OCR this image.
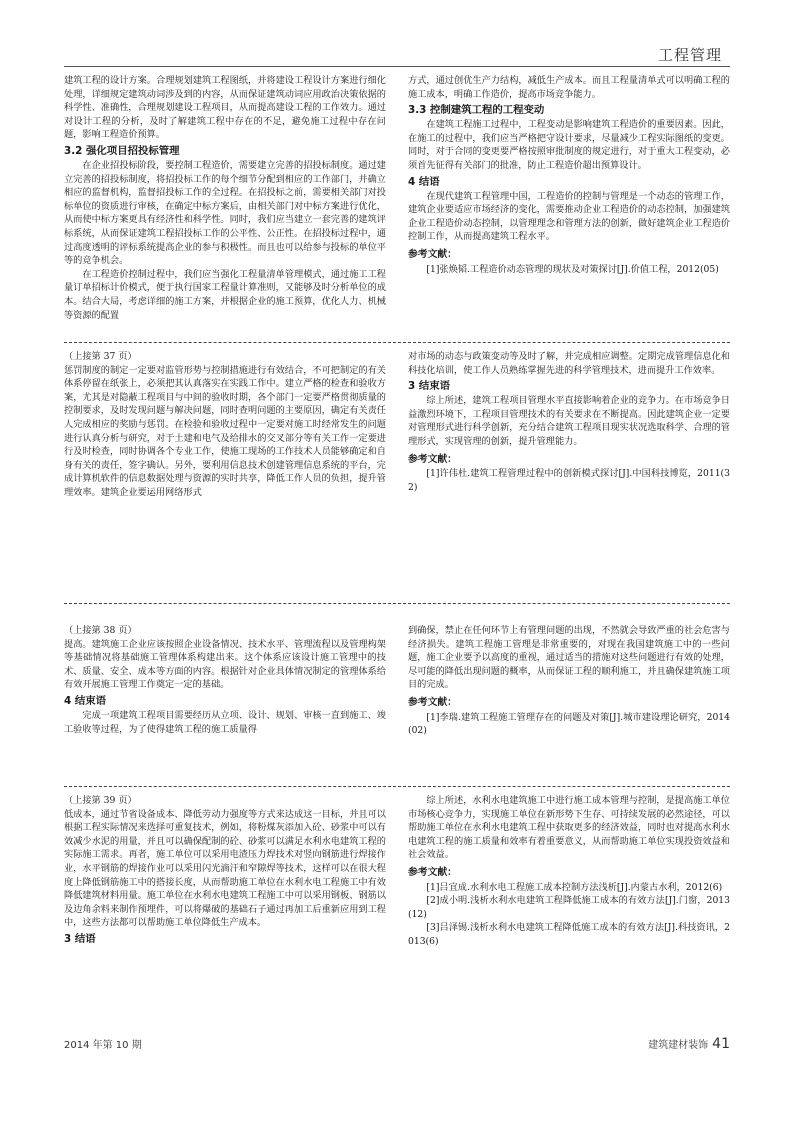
工程管理

建筑工程的设计方案。合理规划建筑工程图纸，并将建设工程设计方案进行细化处理，详细规定建筑动词涉及到的内容，从而保证建筑动词应用政治决策依据的科学性、准确性，合理规划建设工程项目，从而提高建设工程的工作效力。通过对设计工程的分析，及时了解建筑工程中存在的不足，避免施工过程中存在问题，影响工程造价预算。

3.2 强化项目招投标管理

在企业招投标阶段，要控制工程造价，需要建立完善的招投标制度。通过建立完善的招投标制度，将招投标工作的每个细节分配到相应的工作部门，并确立相应的监督机构，监督招投标工作的全过程。在招投标之前，需要相关部门对投标单位的资质进行审核，在确定中标方案后，由相关部门对中标方案进行优化，从而使中标方案更具有经济性和科学性。同时，我们应当建立一套完善的建筑评标系统，从而保证建筑工程招投标工作的公平性、公正性。在招投标过程中，通过高度透明的评标系统提高企业的参与积极性。而且也可以给参与投标的单位平等的竞争机会。

在工程造价控制过程中，我们应当强化工程量清单管理模式，通过施工工程量订单招标计价模式，便于执行国家工程量计算准则，又能够及时分析单位的成本。结合大局，考虑详细的施工方案，并根据企业的施工预算，优化人力、机械等资源的配置

方式，通过创优生产力结构，减低生产成本。而且工程量清单式可以明确工程的施工成本，明确工作造价，提高市场竞争能力。

3.3 控制建筑工程的工程变动

在建筑工程施工过程中，工程变动是影响建筑工程造价的重要因素。因此，在施工的过程中，我们应当严格把守设计要求，尽量减少工程实际图纸的变更。同时，对于合同的变更要严格按照审批制度的规定进行，对于重大工程变动，必须首先征得有关部门的批准，防止工程造价超出预算设计。

4 结语

在现代建筑工程管理中国，工程造价的控制与管理是一个动态的管理工作，建筑企业要适应市场经济的变化，需要推动企业工程造价的动态控制，加强建筑企业工程造价动态控制，以管理理念和管理方法的创新，做好建筑企业工程造价控制工作，从而提高建筑工程水平。

参考文献：

[1]张焕韬.工程造价动态管理的现状及对策探讨[J].价值工程，2012(05)

（上接第 37 页）

惩罚制度的制定一定要对监管形势与控制措施进行有效结合，不可把制定的有关体系停留在纸张上，必须把其认真落实在实践工作中。建立严格的检查和验收方案，尤其是对隐蔽工程项目与中间的验收时期，各个部门一定要严格贯彻质量的控制要求，及时发现问题与解决问题，同时查明问题的主要原因，确定有关责任人完成相应的奖励与惩罚。在检验和验收过程中一定要对施工时经常发生的问题进行认真分析与研究，对于土建和电气及给排水的交叉部分等有关工作一定要进行及时检查，同时协调各个专业工作，使施工现场的工作技术人员能够确定和自身有关的责任，签字确认。另外，要利用信息技术创建管理信息系统的平台，完成计算机软件的信息数据处理与资源的实时共享，降低工作人员的负担，提升管理效率。建筑企业要运用网络形式

对市场的动态与政策变动等及时了解，并完成相应调整。定期完成管理信息化和科技化培训，使工作人员熟练掌握先进的科学管理技术，进而提升工作效率。

3 结束语

综上所述，建筑工程项目管理水平直接影响着企业的竞争力。在市场竞争日益激烈环境下，工程项目管理技术的有关要求在不断提高。因此建筑企业一定要对管理形式进行科学创新，充分结合建筑工程项目现实状况选取科学、合理的管理形式，实现管理的创新，提升管理能力。

参考文献：

[1]许伟杜.建筑工程管理过程中的创新模式探讨[J].中国科技博览，2011(32)

（上接第 38 页）

提高。建筑施工企业应该按照企业设备情况、技术水平、管理流程以及管理构架等基础情况将基础施工管理体系构建出来。这个体系应该设计施工管理中的技术、质量、安全、成本等方面的内容。根据针对企业具体情况制定的管理体系给有效开展施工管理工作奠定一定的基础。

4 结束语

完成一项建筑工程项目需要经历从立项、设计、规划、审核一直到施工、竣工验收等过程，为了使得建筑工程的施工质量得

到确保，禁止在任何环节上有管理问题的出现，不然就会导致严重的社会危害与经济损失。建筑工程施工管理是非常重要的，对现在我国建筑施工中的一些问题，施工企业要予以高度的重视，通过适当的措施对这些问题进行有效的处理，尽可能的降低出现问题的概率，从而保证工程的顺利施工，并且确保建筑施工项目的完成。

参考文献：

[1]李瑞.建筑工程施工管理存在的问题及对策[J].城市建设理论研究，2014(02)

（上接第 39 页）

低成本，通过节省设备成本、降低劳动力强度等方式来达成这一目标，并且可以根据工程实际情况来选择可重复技术，例如，将粉煤灰添加入砼、砂浆中可以有效减少水泥的用量，并且可以确保配制的砼、砂浆可以满足水利水电建筑工程的实际施工需求。再者，施工单位可以采用电渣压力焊技术对竖向钢筋进行焊接作业，水平钢筋的焊接作业可以采用闪光滴汗和窄隙焊等技术，这样可以在很大程度上降低钢筋施工中的搭接长度，从而帮助施工单位在水利水电工程施工中有效降低建筑材料用量。施工单位在水利水电建筑工程施工中可以采用钢板、钢筋以及边角余料来制作预埋件，可以将爆破的基础石子通过再加工后重新应用到工程中，这些方法都可以帮助施工单位降低生产成本。

3 结语

综上所述，水利水电建筑施工中进行施工成本管理与控制，是提高施工单位市场核心竞争力，实现施工单位在新形势下生存、可持续发展的必然途径，可以帮助施工单位在水利水电建筑工程中获取更多的经济效益，同时也对提高水利水电建筑工程的施工质量和效率有着重要意义，从而帮助施工单位实现投资效益和社会效益。

参考文献：

[1]吕宜成.水利水电工程施工成本控制方法浅析[J].内蒙古水利，2012(6)

[2]成小明.浅析水利水电建筑工程降低施工成本的有效方法[J].门窗，2013(12)

[3]吕泽锡.浅析水利水电建筑工程降低施工成本的有效方法[J].科技资讯，2013(6)

2014 年第 10 期	建筑建材装饰 41
